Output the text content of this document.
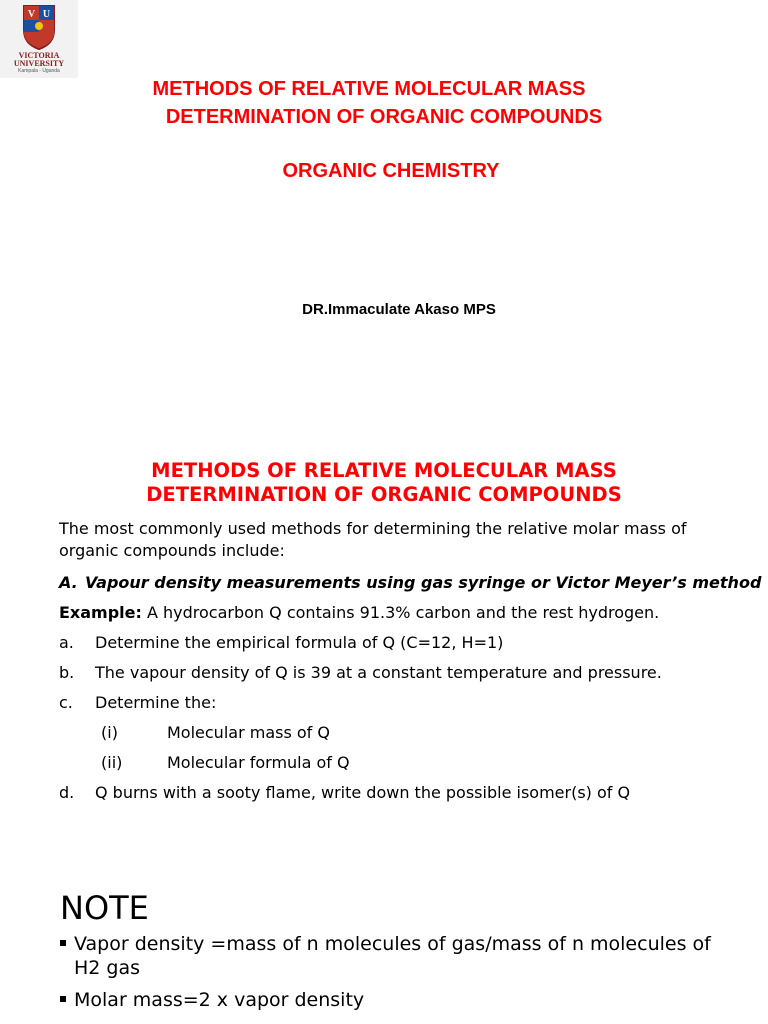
V U
VICTORIA
UNIVERSITY
Kampala - Uganda
METHODS OF RELATIVE MOLECULAR MASS
DETERMINATION OF ORGANIC COMPOUNDS
ORGANIC CHEMISTRY
DR.Immaculate Akaso MPS
METHODS OF RELATIVE MOLECULAR MASS
DETERMINATION OF ORGANIC COMPOUNDS

The most commonly used methods for determining the relative molar mass of organic compounds include:

A. Vapour density measurements using gas syringe or Victor Meyer’s method
Example: A hydrocarbon Q contains 91.3% carbon and the rest hydrogen.
a. Determine the empirical formula of Q (C=12, H=1)
b. The vapour density of Q is 39 at a constant temperature and pressure.
c. Determine the:
(i)	Molecular mass of Q
(ii)	Molecular formula of Q
d. Q burns with a sooty flame, write down the possible isomer(s) of Q
NOTE
Vapor density =mass of n molecules of gas/mass of n molecules of H2 gas
Molar mass=2 x vapor density
